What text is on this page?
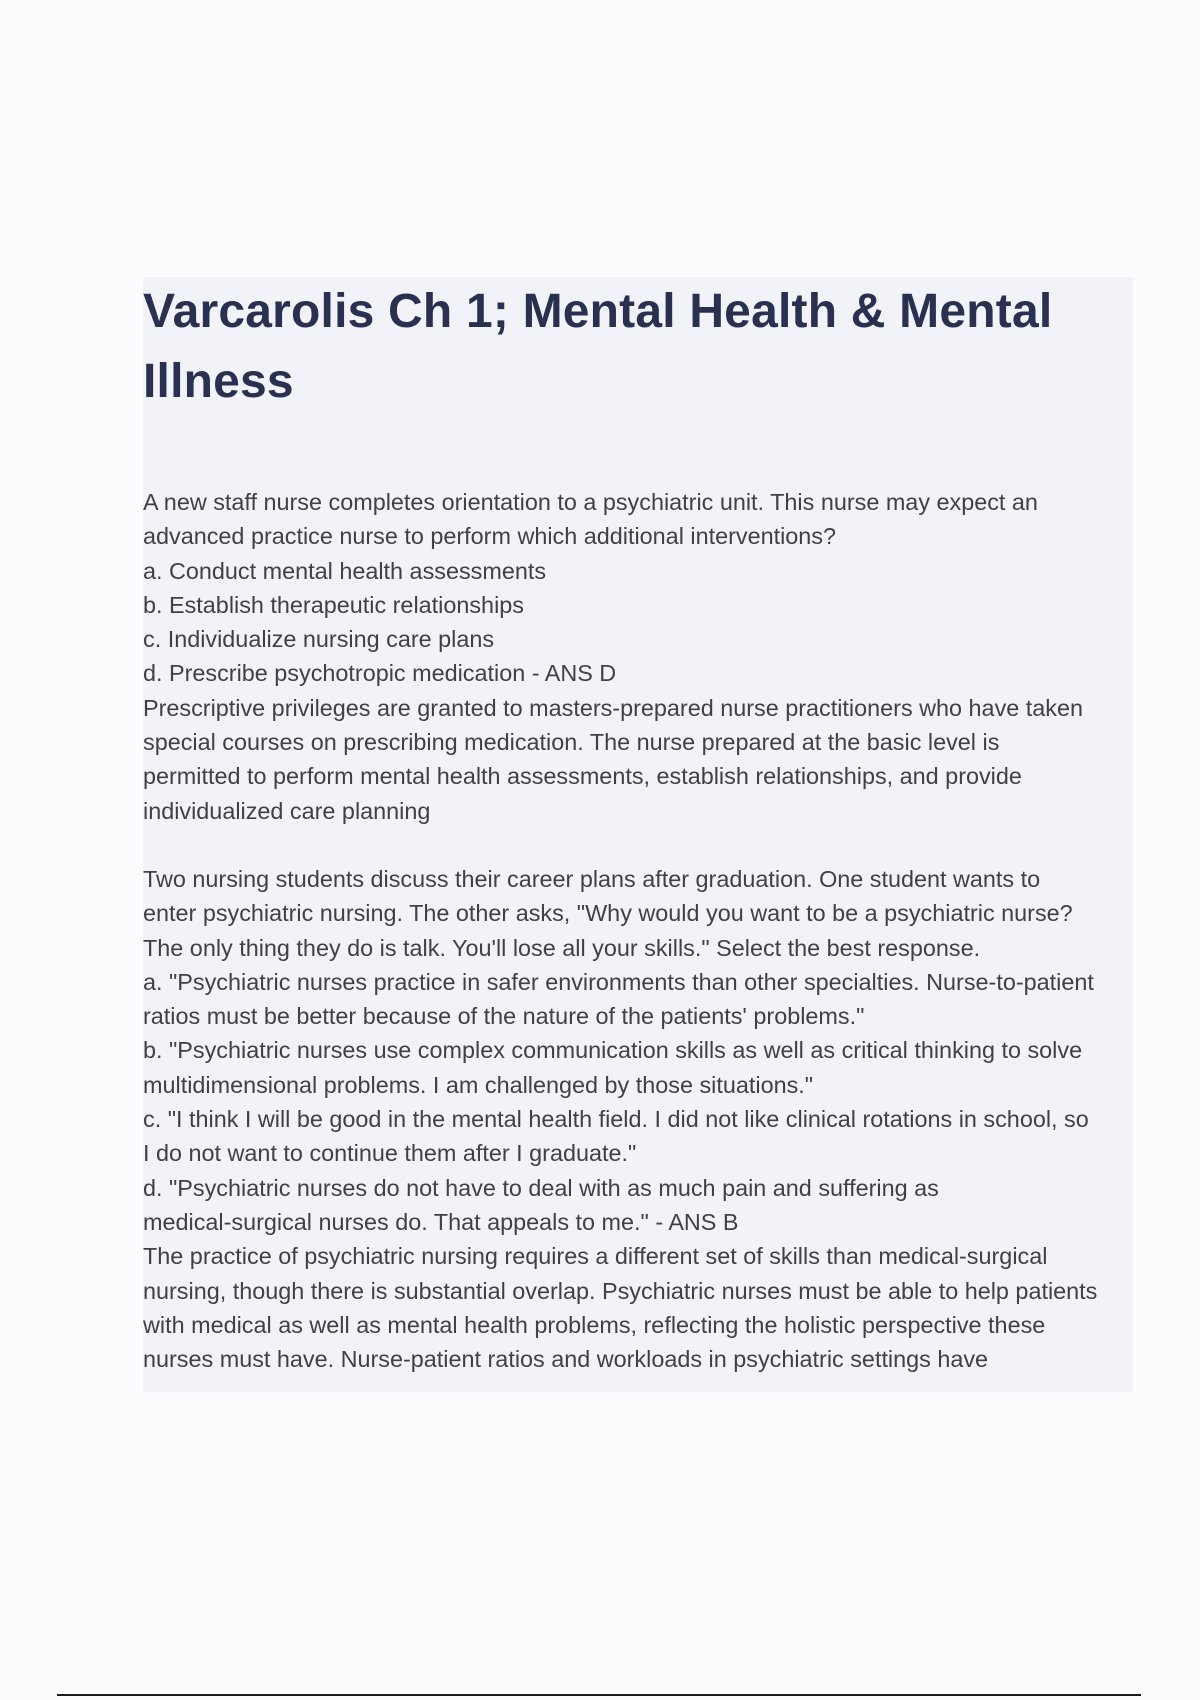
Varcarolis Ch 1; Mental Health & Mental Illness

A new staff nurse completes orientation to a psychiatric unit. This nurse may expect an

advanced practice nurse to perform which additional interventions?

a. Conduct mental health assessments

b. Establish therapeutic relationships

c. Individualize nursing care plans

d. Prescribe psychotropic medication - ANS D

Prescriptive privileges are granted to masters-prepared nurse practitioners who have taken

special courses on prescribing medication. The nurse prepared at the basic level is

permitted to perform mental health assessments, establish relationships, and provide

individualized care planning

Two nursing students discuss their career plans after graduation. One student wants to

enter psychiatric nursing. The other asks, "Why would you want to be a psychiatric nurse?

The only thing they do is talk. You'll lose all your skills." Select the best response.

a. "Psychiatric nurses practice in safer environments than other specialties. Nurse-to-patient

ratios must be better because of the nature of the patients' problems."

b. "Psychiatric nurses use complex communication skills as well as critical thinking to solve

multidimensional problems. I am challenged by those situations."

c. "I think I will be good in the mental health field. I did not like clinical rotations in school, so

I do not want to continue them after I graduate."

d. "Psychiatric nurses do not have to deal with as much pain and suffering as

medical-surgical nurses do. That appeals to me." - ANS B

The practice of psychiatric nursing requires a different set of skills than medical-surgical

nursing, though there is substantial overlap. Psychiatric nurses must be able to help patients

with medical as well as mental health problems, reflecting the holistic perspective these

nurses must have. Nurse-patient ratios and workloads in psychiatric settings have
